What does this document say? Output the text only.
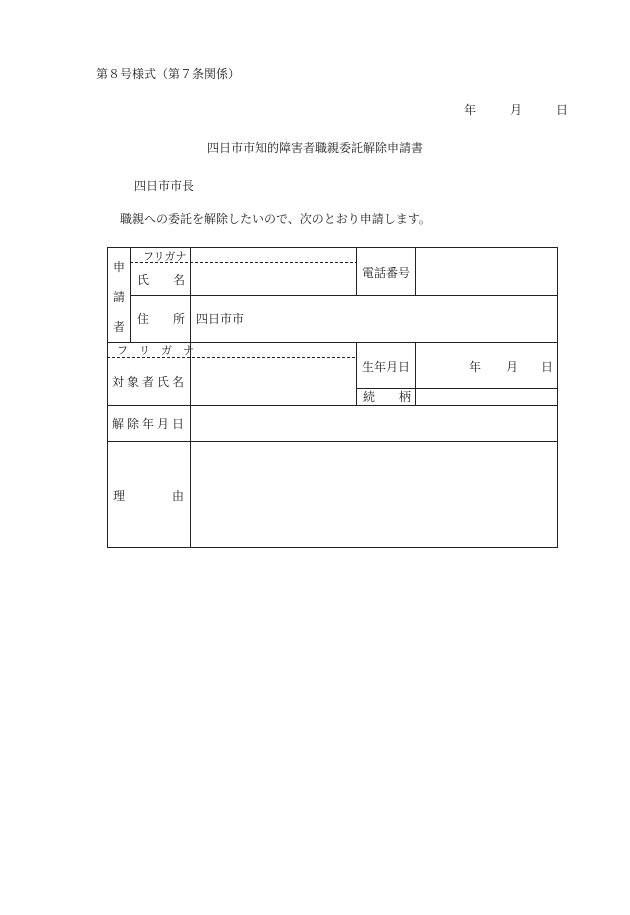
第８号様式（第７条関係）
年	月	日
四日市市知的障害者職親委託解除申請書
四日市市長
職親への委託を解除したいので、次のとおり申請します。
申
請
者
フリガナ
氏　　名	電話番号
住　　所 四日市市
フ　リ　ガ　ナ
対象者氏名
生年月日	年 月 日
続　　柄
解除年月日
理	由
